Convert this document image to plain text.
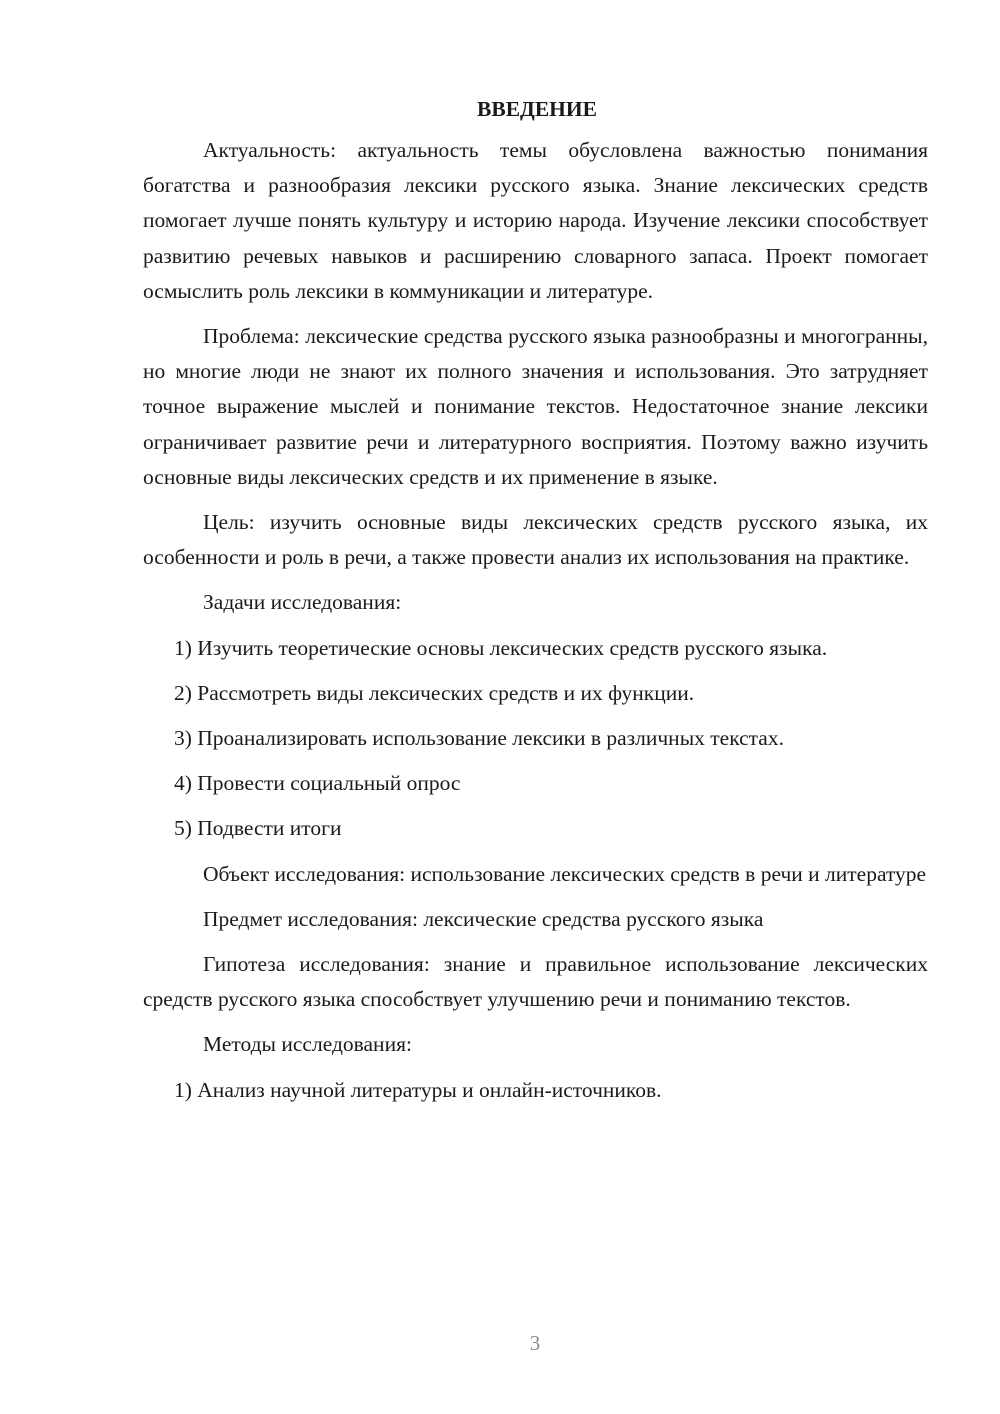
ВВЕДЕНИЕ

Актуальность: актуальность темы обусловлена важностью понимания богатства и разнообразия лексики русского языка. Знание лексических средств помогает лучше понять культуру и историю народа. Изучение лексики способствует развитию речевых навыков и расширению словарного запаса. Проект помогает осмыслить роль лексики в коммуникации и литературе.

Проблема: лексические средства русского языка разнообразны и многогранны, но многие люди не знают их полного значения и использования. Это затрудняет точное выражение мыслей и понимание текстов. Недостаточное знание лексики ограничивает развитие речи и литературного восприятия. Поэтому важно изучить основные виды лексических средств и их применение в языке.

Цель: изучить основные виды лексических средств русского языка, их особенности и роль в речи, а также провести анализ их использования на практике.

Задачи исследования:
1) Изучить теоретические основы лексических средств русского языка.
2) Рассмотреть виды лексических средств и их функции.
3) Проанализировать использование лексики в различных текстах.
4) Провести социальный опрос
5) Подвести итоги

Объект исследования: использование лексических средств в речи и литературе

Предмет исследования: лексические средства русского языка

Гипотеза исследования: знание и правильное использование лексических средств русского языка способствует улучшению речи и пониманию текстов.

Методы исследования:
1) Анализ научной литературы и онлайн-источников.
3
